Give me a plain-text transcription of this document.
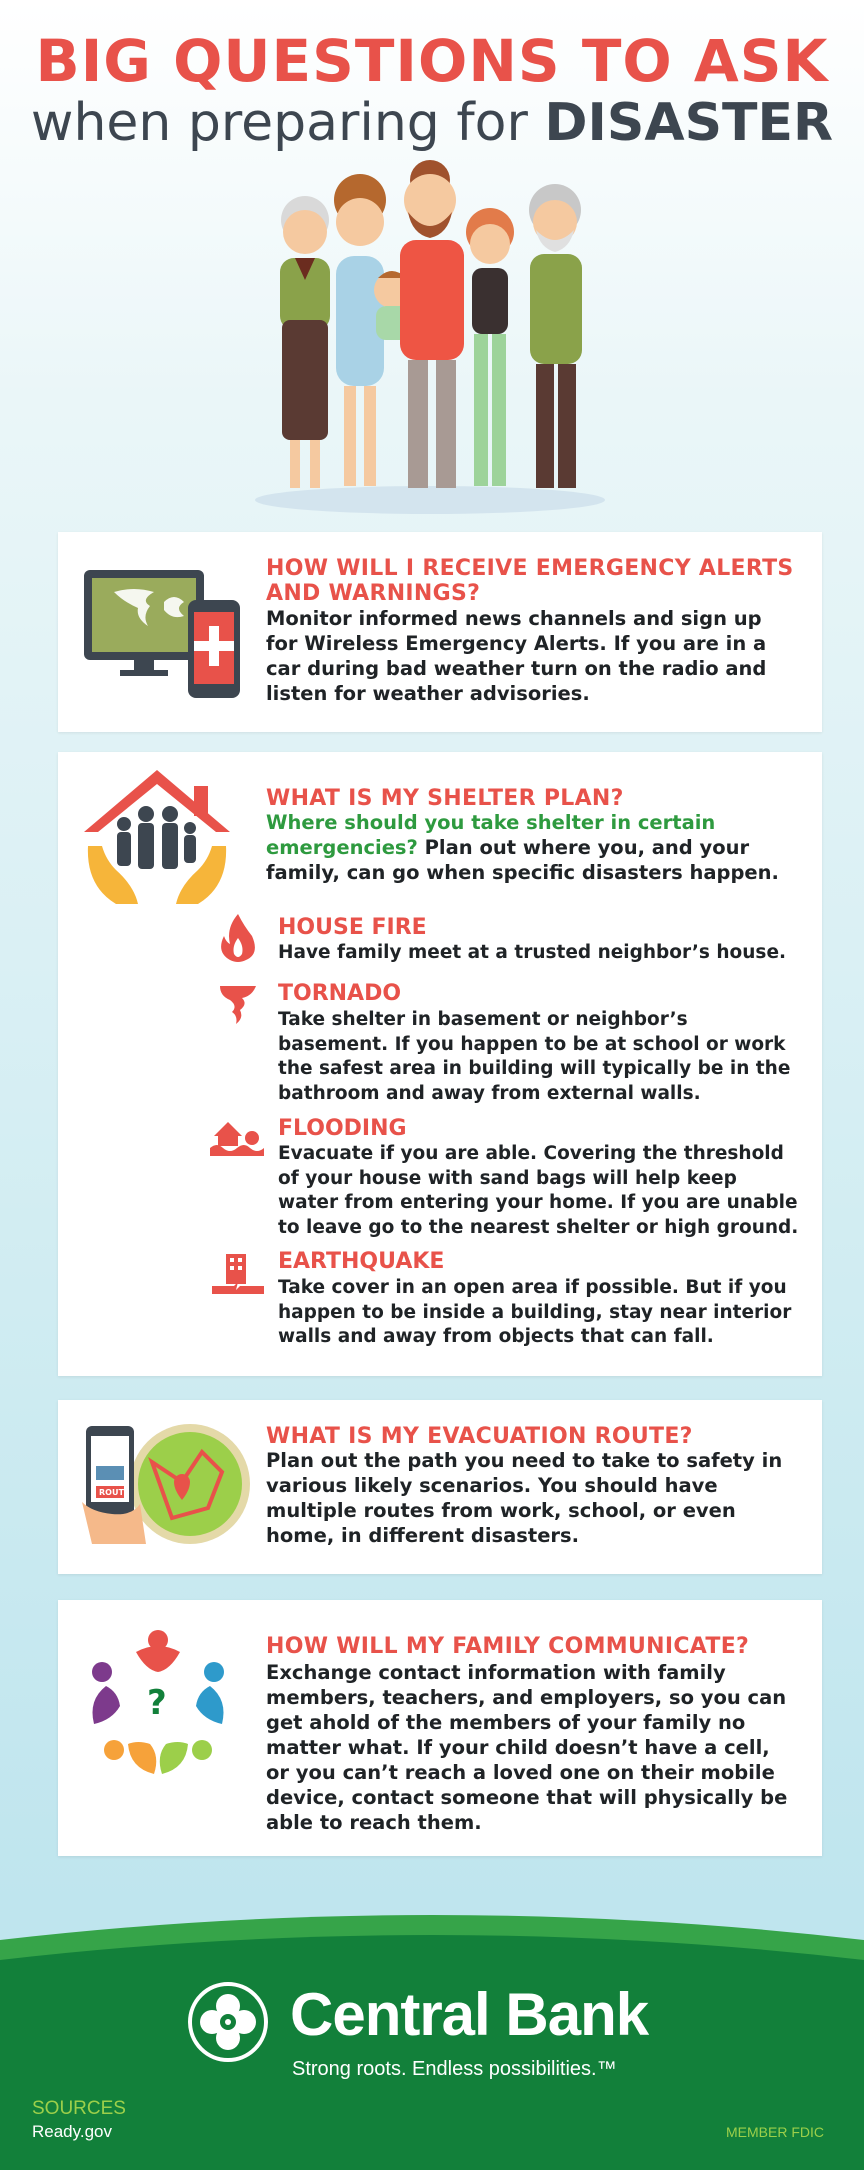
BIG QUESTIONS TO ASK
when preparing for DISASTER
HOW WILL I RECEIVE EMERGENCY ALERTS AND WARNINGS?

Monitor informed news channels and sign up for Wireless Emergency Alerts. If you are in a car during bad weather turn on the radio and listen for weather advisories.

WHAT IS MY SHELTER PLAN?

Where should you take shelter in certain emergencies? Plan out where you, and your family, can go when specific disasters happen.

HOUSE FIRE

Have family meet at a trusted neighbor’s house.

TORNADO

Take shelter in basement or neighbor’s basement. If you happen to be at school or work the safest area in building will typically be in the bathroom and away from external walls.

FLOODING

Evacuate if you are able. Covering the threshold of your house with sand bags will help keep water from entering your home. If you are unable to leave go to the nearest shelter or high ground.

EARTHQUAKE

Take cover in an open area if possible. But if you happen to be inside a building, stay near interior walls and away from objects that can fall.

ROUTE
WHAT IS MY EVACUATION ROUTE?

Plan out the path you need to take to safety in various likely scenarios. You should have multiple routes from work, school, or even home, in different disasters.

?
HOW WILL MY FAMILY COMMUNICATE?

Exchange contact information with family members, teachers, and employers, so you can get ahold of the members of your family no matter what. If your child doesn’t have a cell, or you can’t reach a loved one on their mobile device, contact someone that will physically be able to reach them.

Central Bank
Strong roots. Endless possibilities.™
SOURCES
Ready.gov	MEMBER FDIC
